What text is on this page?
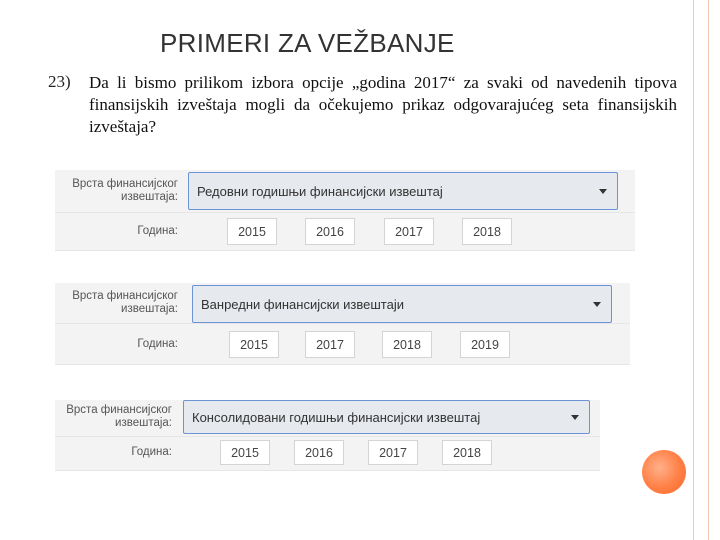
PRIMERI ZA VEŽBANJE
23) Da li bismo prilikom izbora opcije „godina 2017“ za svaki od navedenih tipova finansijskih izveštaja mogli da očekujemo prikaz odgovarajućeg seta finansijskih izveštaja?
Врста финансијског извештаја: Редовни годишњи финансијски извештај
Година:	2015	2016	2017	2018
Врста финансијског извештаја: Ванредни финансијски извештаји
Година:	2015	2017	2018	2019
Врста финансијског извештаја: Консолидовани годишњи финансијски извештај
Година:	2015	2016	2017	2018
